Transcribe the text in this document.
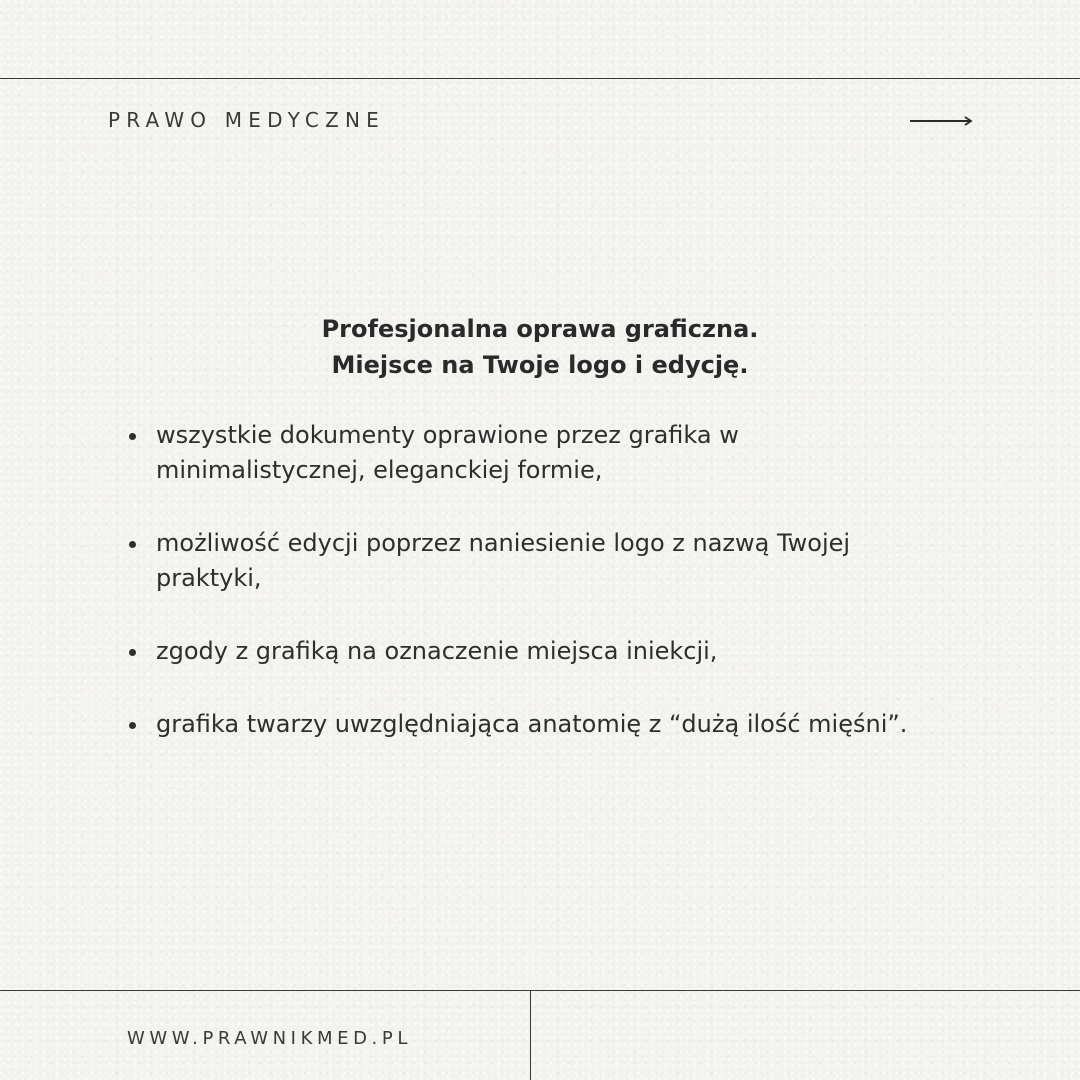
PRAWO MEDYCZNE
Profesjonalna oprawa graficzna.
Miejsce na Twoje logo i edycję.
wszystkie dokumenty oprawione przez grafika w minimalistycznej, eleganckiej formie,
możliwość edycji poprzez naniesienie logo z nazwą Twojej praktyki,
zgody z grafiką na oznaczenie miejsca iniekcji,
grafika twarzy uwzględniająca anatomię z “dużą ilość mięśni”.
WWW.PRAWNIKMED.PL
